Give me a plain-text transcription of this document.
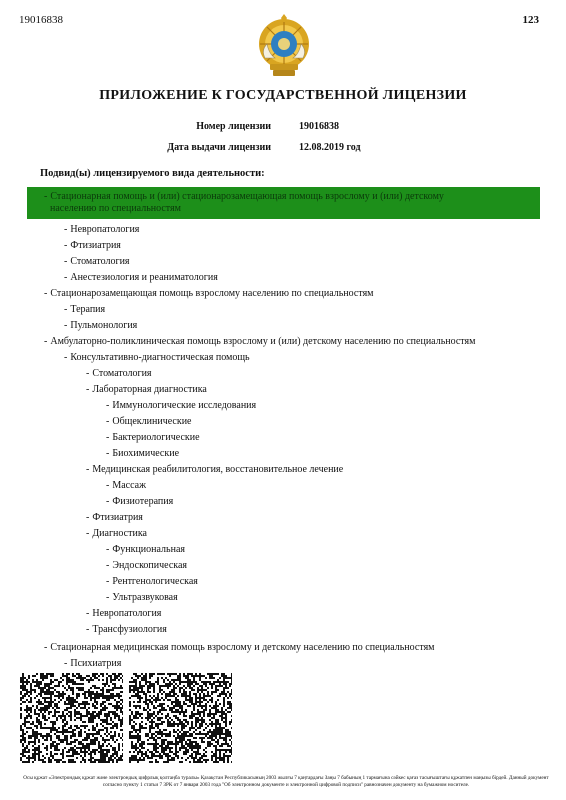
19016838	123
ПРИЛОЖЕНИЕ К ГОСУДАРСТВЕННОЙ ЛИЦЕНЗИИ
Номер лицензии	19016838
Дата выдачи лицензии	12.08.2019 год
Подвид(ы) лицензируемого вида деятельности:
- Стационарная помощь и (или) стационарозамещающая помощь взрослому и (или) детскому
населению по специальностям
- Невропатология
- Фтизиатрия
- Стоматология
- Анестезиология и реаниматология
- Стационарозамещающая помощь взрослому населению по специальностям
- Терапия
- Пульмонология
- Амбулаторно-поликлиническая помощь взрослому и (или) детскому населению по специальностям
- Консультативно-диагностическая помощь
- Стоматология
- Лабораторная диагностика
- Иммунологические исследования
- Общеклинические
- Бактериологические
- Биохимические
- Медицинская реабилитология, восстановительное лечение
- Массаж
- Физиотерапия
- Фтизиатрия
- Диагностика
- Функциональная
- Эндоскопическая
- Рентгенологическая
- Ультразвуковая
- Невропатология
- Трансфузиология
- Стационарная медицинская помощь взрослому и детскому населению по специальностям
- Психиатрия
Осы құжат «Электрондық құжат және электрондық цифрлық қолтаңба туралы» Қазақстан Республикасының 2003 жылғы 7 қаңтардағы Заңы 7 бабының 1 тармағына сәйкес қағаз тасығыштағы құжатпен маңызы бірдей. Данный документ согласно пункту 1 статьи 7 ЗРК от 7 января 2003 года "Об электронном документе и электронной цифровой подписи" равнозначен документу на бумажном носителе.
